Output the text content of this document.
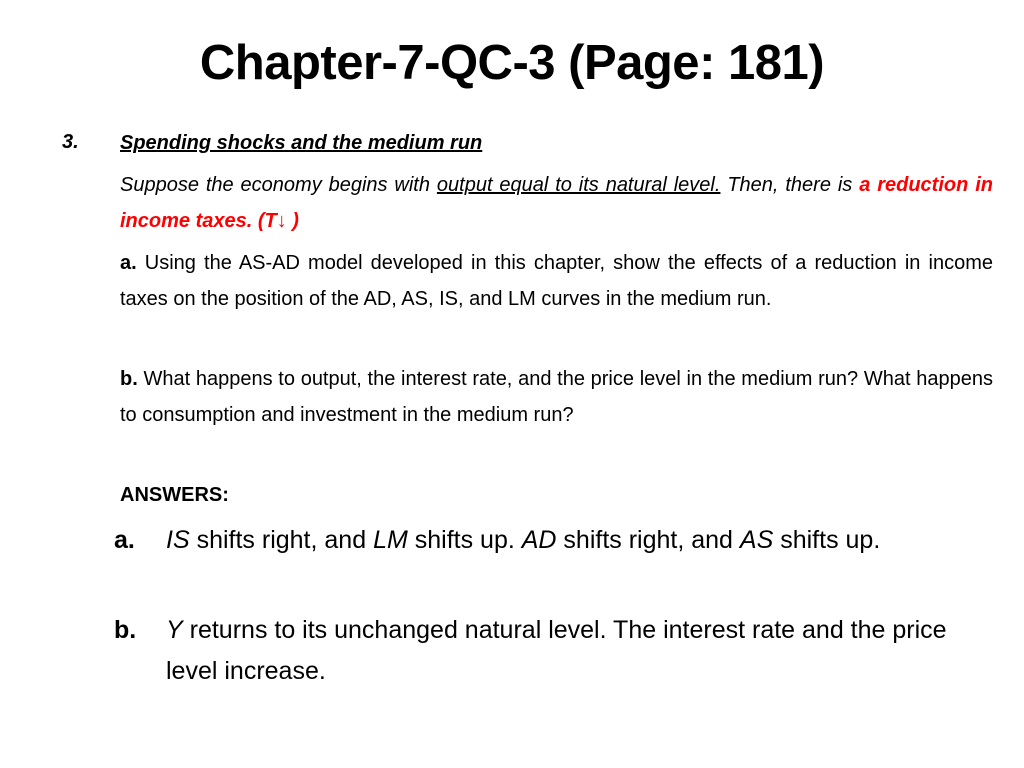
Chapter-7-QC-3 (Page: 181)
3. Spending shocks and the medium run
Suppose the economy begins with output equal to its natural level. Then, there is a reduction in income taxes. (T↓ )
a. Using the AS-AD model developed in this chapter, show the effects of a reduction in income taxes on the position of the AD, AS, IS, and LM curves in the medium run.
b. What happens to output, the interest rate, and the price level in the medium run? What happens to consumption and investment in the medium run?
ANSWERS:
a. IS shifts right, and LM shifts up. AD shifts right, and AS shifts up.
b. Y returns to its unchanged natural level. The interest rate and the price level increase.
